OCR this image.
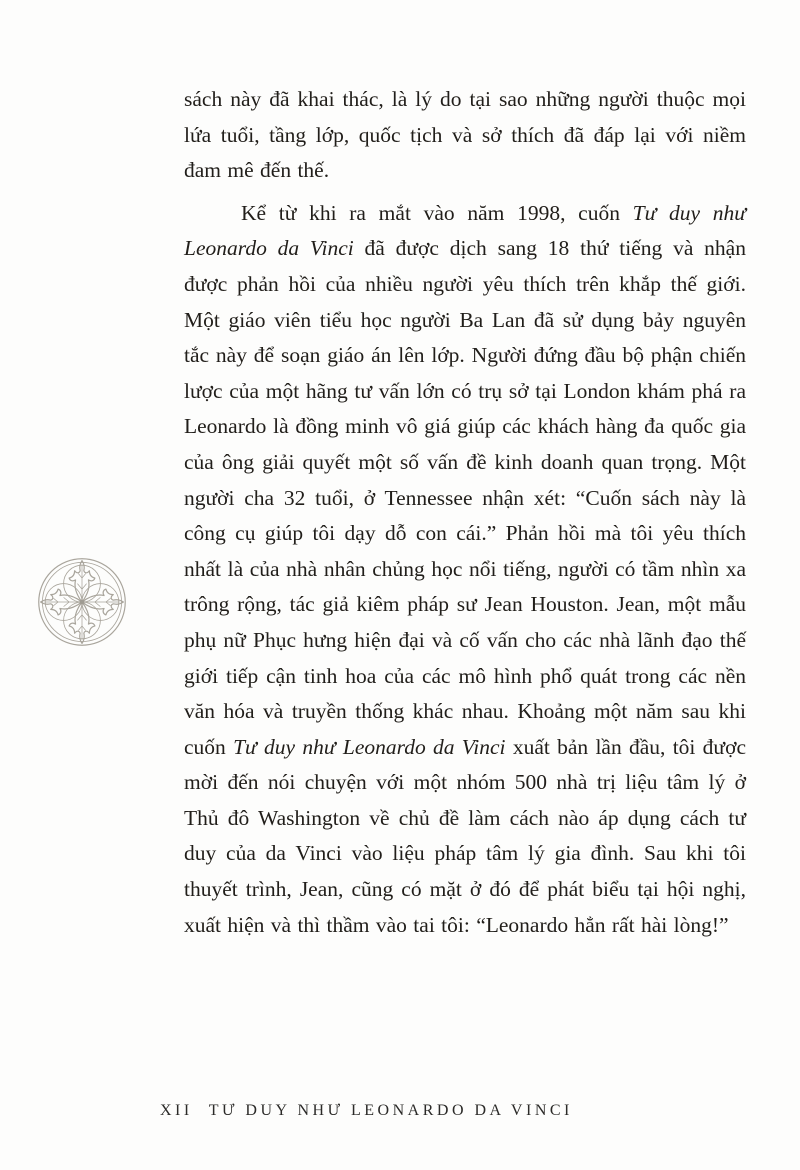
sách này đã khai thác, là lý do tại sao những người thuộc mọi lứa tuổi, tầng lớp, quốc tịch và sở thích đã đáp lại với niềm đam mê đến thế.

Kể từ khi ra mắt vào năm 1998, cuốn Tư duy như Leonardo da Vinci đã được dịch sang 18 thứ tiếng và nhận được phản hồi của nhiều người yêu thích trên khắp thế giới. Một giáo viên tiểu học người Ba Lan đã sử dụng bảy nguyên tắc này để soạn giáo án lên lớp. Người đứng đầu bộ phận chiến lược của một hãng tư vấn lớn có trụ sở tại London khám phá ra Leonardo là đồng minh vô giá giúp các khách hàng đa quốc gia của ông giải quyết một số vấn đề kinh doanh quan trọng. Một người cha 32 tuổi, ở Tennessee nhận xét: “Cuốn sách này là công cụ giúp tôi dạy dỗ con cái.” Phản hồi mà tôi yêu thích nhất là của nhà nhân chủng học nổi tiếng, người có tầm nhìn xa trông rộng, tác giả kiêm pháp sư Jean Houston. Jean, một mẫu phụ nữ Phục hưng hiện đại và cố vấn cho các nhà lãnh đạo thế giới tiếp cận tinh hoa của các mô hình phổ quát trong các nền văn hóa và truyền thống khác nhau. Khoảng một năm sau khi cuốn Tư duy như Leonardo da Vinci xuất bản lần đầu, tôi được mời đến nói chuyện với một nhóm 500 nhà trị liệu tâm lý ở Thủ đô Washington về chủ đề làm cách nào áp dụng cách tư duy của da Vinci vào liệu pháp tâm lý gia đình. Sau khi tôi thuyết trình, Jean, cũng có mặt ở đó để phát biểu tại hội nghị, xuất hiện và thì thầm vào tai tôi: “Leonardo hẳn rất hài lòng!”

XII TƯ DUY NHƯ LEONARDO DA VINCI
